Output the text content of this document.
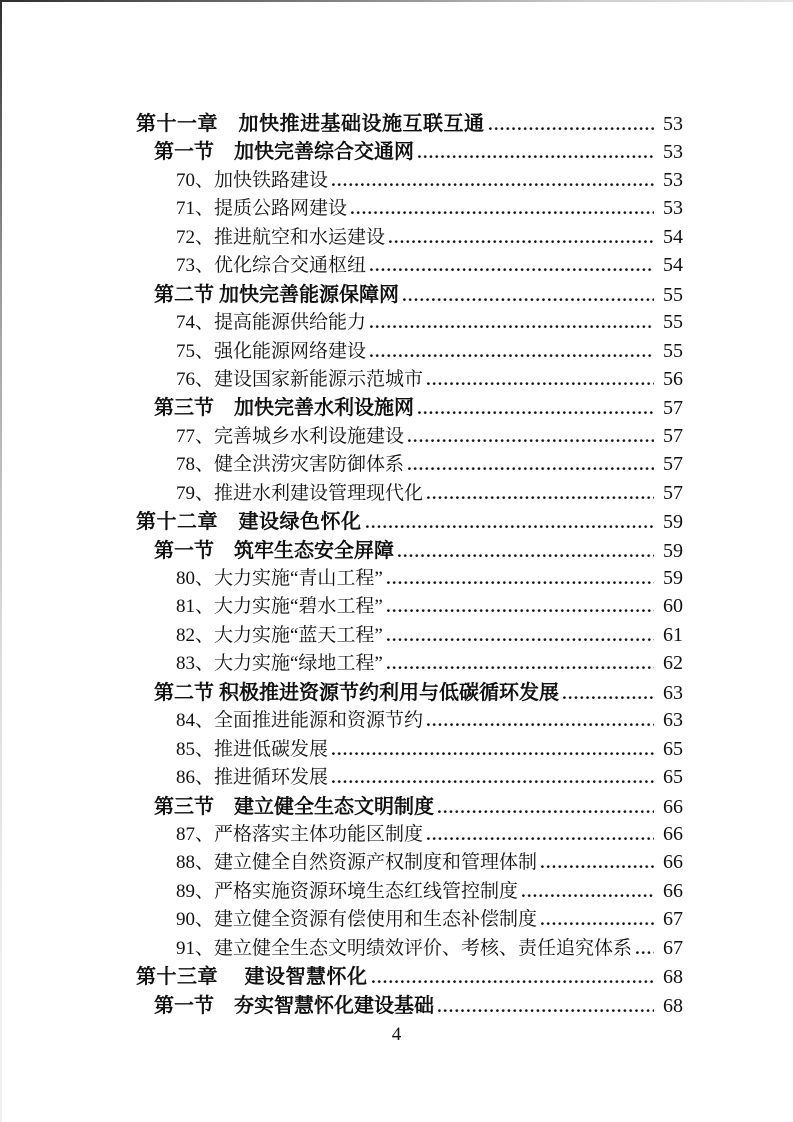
第十一章　加快推进基础设施互联互通	53
第一节　加快完善综合交通网	53
70、加快铁路建设	53
71、提质公路网建设	53
72、推进航空和水运建设	54
73、优化综合交通枢纽	54
第二节 加快完善能源保障网	55
74、提高能源供给能力	55
75、强化能源网络建设	55
76、建设国家新能源示范城市	56
第三节　加快完善水利设施网	57
77、完善城乡水利设施建设	57
78、健全洪涝灾害防御体系	57
79、推进水利建设管理现代化	57
第十二章　建设绿色怀化	59
第一节　筑牢生态安全屏障	59
80、大力实施“青山工程”	59
81、大力实施“碧水工程”	60
82、大力实施“蓝天工程”	61
83、大力实施“绿地工程”	62
第二节 积极推进资源节约利用与低碳循环发展	63
84、全面推进能源和资源节约	63
85、推进低碳发展	65
86、推进循环发展	65
第三节　建立健全生态文明制度	66
87、严格落实主体功能区制度	66
88、建立健全自然资源产权制度和管理体制	66
89、严格实施资源环境生态红线管控制度	66
90、建立健全资源有偿使用和生态补偿制度	67
91、建立健全生态文明绩效评价、考核、责任追究体系	67
第十三章　 建设智慧怀化	68
第一节　夯实智慧怀化建设基础	68
4
